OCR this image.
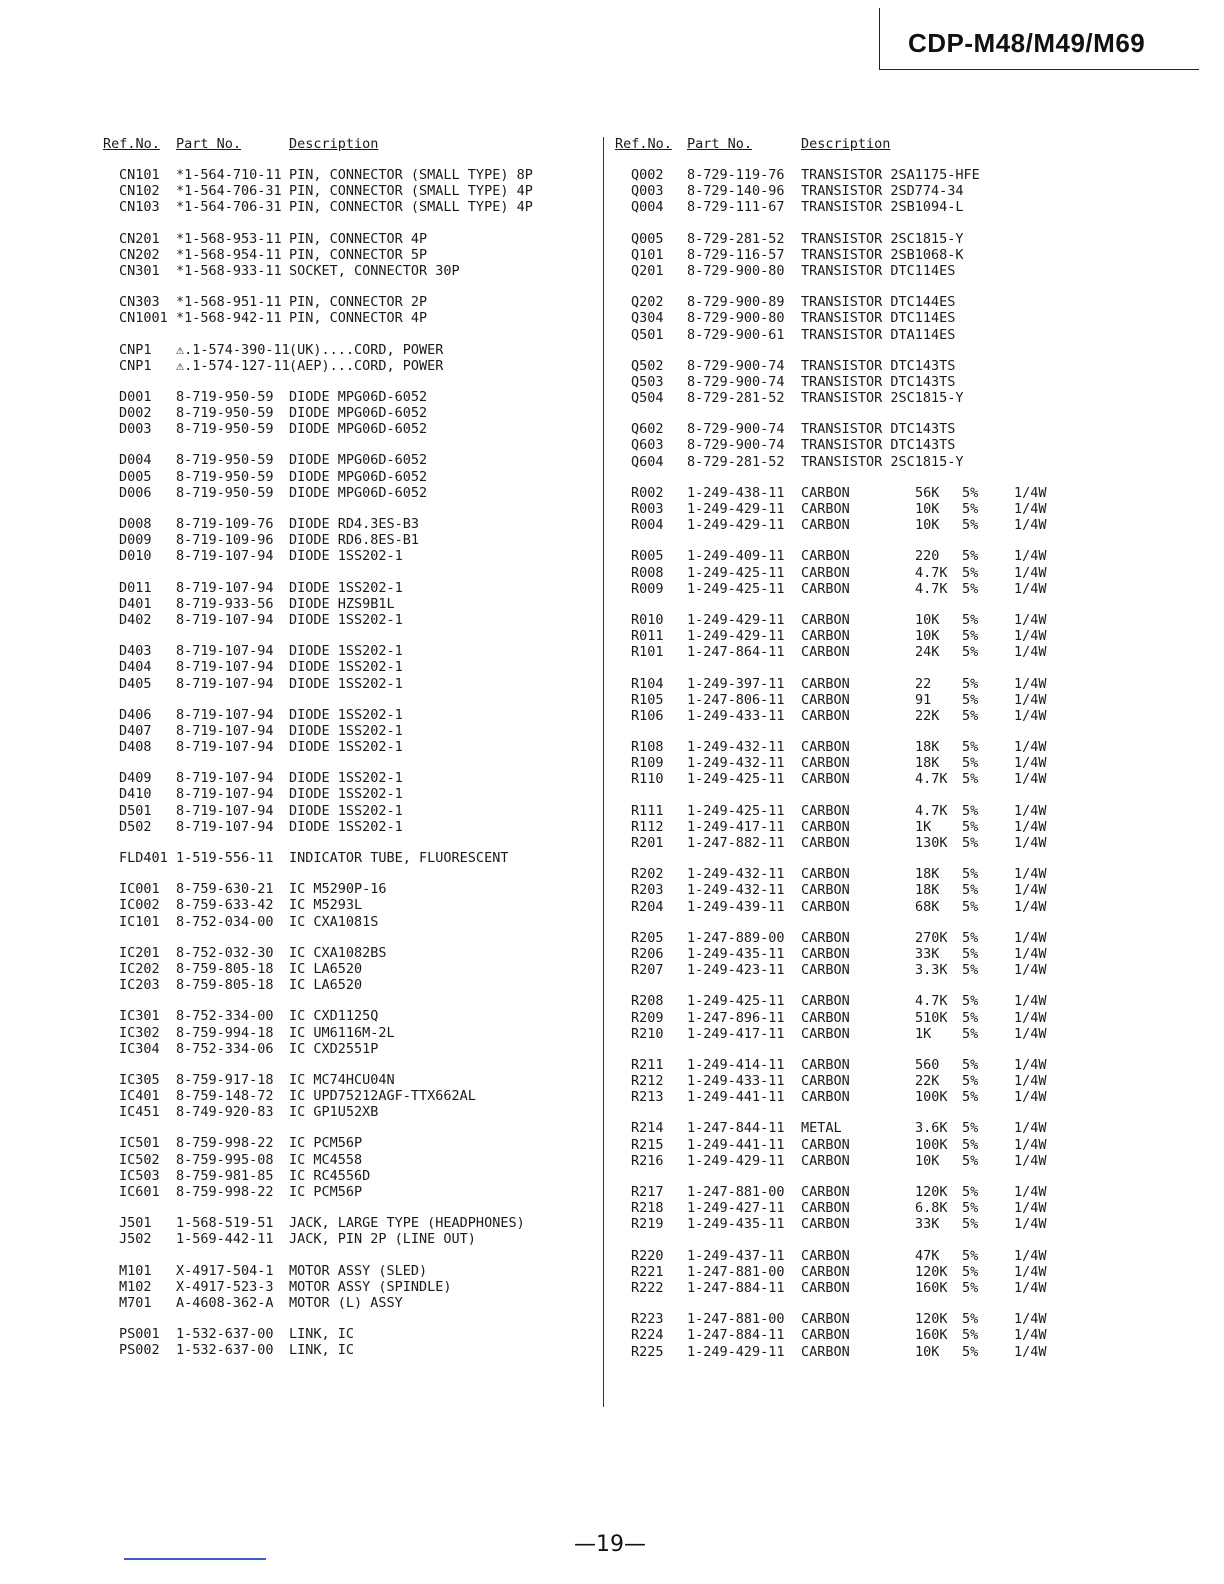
CDP-M48/M49/M69
Ref.No. Part No.	Description	Ref.No. Part No.	Description
CN101 *1-564-710-11 PIN, CONNECTOR (SMALL TYPE) 8P
CN102 *1-564-706-31 PIN, CONNECTOR (SMALL TYPE) 4P
CN103 *1-564-706-31 PIN, CONNECTOR (SMALL TYPE) 4P
CN201 *1-568-953-11 PIN, CONNECTOR 4P
CN202 *1-568-954-11 PIN, CONNECTOR 5P
CN301 *1-568-933-11 SOCKET, CONNECTOR 30P
CN303 *1-568-951-11 PIN, CONNECTOR 2P
CN1001 *1-568-942-11 PIN, CONNECTOR 4P
CNP1 ⚠.1-574-390-11 (UK)....CORD, POWER
CNP1 ⚠.1-574-127-11 (AEP)...CORD, POWER
D001 8-719-950-59 DIODE MPG06D-6052
D002 8-719-950-59 DIODE MPG06D-6052
D003 8-719-950-59 DIODE MPG06D-6052
D004 8-719-950-59 DIODE MPG06D-6052
D005 8-719-950-59 DIODE MPG06D-6052
D006 8-719-950-59 DIODE MPG06D-6052
D008 8-719-109-76 DIODE RD4.3ES-B3
D009 8-719-109-96 DIODE RD6.8ES-B1
D010 8-719-107-94 DIODE 1SS202-1
D011 8-719-107-94 DIODE 1SS202-1
D401 8-719-933-56 DIODE HZS9B1L
D402 8-719-107-94 DIODE 1SS202-1
D403 8-719-107-94 DIODE 1SS202-1
D404 8-719-107-94 DIODE 1SS202-1
D405 8-719-107-94 DIODE 1SS202-1
D406 8-719-107-94 DIODE 1SS202-1
D407 8-719-107-94 DIODE 1SS202-1
D408 8-719-107-94 DIODE 1SS202-1
D409 8-719-107-94 DIODE 1SS202-1
D410 8-719-107-94 DIODE 1SS202-1
D501 8-719-107-94 DIODE 1SS202-1
D502 8-719-107-94 DIODE 1SS202-1
FLD401 1-519-556-11 INDICATOR TUBE, FLUORESCENT
IC001 8-759-630-21 IC M5290P-16
IC002 8-759-633-42 IC M5293L
IC101 8-752-034-00 IC CXA1081S
IC201 8-752-032-30 IC CXA1082BS
IC202 8-759-805-18 IC LA6520
IC203 8-759-805-18 IC LA6520
IC301 8-752-334-00 IC CXD1125Q
IC302 8-759-994-18 IC UM6116M-2L
IC304 8-752-334-06 IC CXD2551P
IC305 8-759-917-18 IC MC74HCU04N
IC401 8-759-148-72 IC UPD75212AGF-TTX662AL
IC451 8-749-920-83 IC GP1U52XB
IC501 8-759-998-22 IC PCM56P
IC502 8-759-995-08 IC MC4558
IC503 8-759-981-85 IC RC4556D
IC601 8-759-998-22 IC PCM56P
J501 1-568-519-51 JACK, LARGE TYPE (HEADPHONES)
J502 1-569-442-11 JACK, PIN 2P (LINE OUT)
M101 X-4917-504-1 MOTOR ASSY (SLED)
M102 X-4917-523-3 MOTOR ASSY (SPINDLE)
M701 A-4608-362-A MOTOR (L) ASSY
PS001 1-532-637-00 LINK, IC
PS002 1-532-637-00 LINK, IC
Q002 8-729-119-76 TRANSISTOR 2SA1175-HFE
Q003 8-729-140-96 TRANSISTOR 2SD774-34
Q004 8-729-111-67 TRANSISTOR 2SB1094-L
Q005 8-729-281-52 TRANSISTOR 2SC1815-Y
Q101 8-729-116-57 TRANSISTOR 2SB1068-K
Q201 8-729-900-80 TRANSISTOR DTC114ES
Q202 8-729-900-89 TRANSISTOR DTC144ES
Q304 8-729-900-80 TRANSISTOR DTC114ES
Q501 8-729-900-61 TRANSISTOR DTA114ES
Q502 8-729-900-74 TRANSISTOR DTC143TS
Q503 8-729-900-74 TRANSISTOR DTC143TS
Q504 8-729-281-52 TRANSISTOR 2SC1815-Y
Q602 8-729-900-74 TRANSISTOR DTC143TS
Q603 8-729-900-74 TRANSISTOR DTC143TS
Q604 8-729-281-52 TRANSISTOR 2SC1815-Y
R002 1-249-438-11 CARBON	56K 5%	1/4W
R003 1-249-429-11 CARBON	10K 5%	1/4W
R004 1-249-429-11 CARBON	10K 5%	1/4W
R005 1-249-409-11 CARBON	220 5%	1/4W
R008 1-249-425-11 CARBON	4.7K 5%	1/4W
R009 1-249-425-11 CARBON	4.7K 5%	1/4W
R010 1-249-429-11 CARBON	10K 5%	1/4W
R011 1-249-429-11 CARBON	10K 5%	1/4W
R101 1-247-864-11 CARBON	24K 5%	1/4W
R104 1-249-397-11 CARBON	22 5%	1/4W
R105 1-247-806-11 CARBON	91 5%	1/4W
R106 1-249-433-11 CARBON	22K 5%	1/4W
R108 1-249-432-11 CARBON	18K 5%	1/4W
R109 1-249-432-11 CARBON	18K 5%	1/4W
R110 1-249-425-11 CARBON	4.7K 5%	1/4W
R111 1-249-425-11 CARBON	4.7K 5%	1/4W
R112 1-249-417-11 CARBON	1K 5%	1/4W
R201 1-247-882-11 CARBON	130K 5%	1/4W
R202 1-249-432-11 CARBON	18K 5%	1/4W
R203 1-249-432-11 CARBON	18K 5%	1/4W
R204 1-249-439-11 CARBON	68K 5%	1/4W
R205 1-247-889-00 CARBON	270K 5%	1/4W
R206 1-249-435-11 CARBON	33K 5%	1/4W
R207 1-249-423-11 CARBON	3.3K 5%	1/4W
R208 1-249-425-11 CARBON	4.7K 5%	1/4W
R209 1-247-896-11 CARBON	510K 5%	1/4W
R210 1-249-417-11 CARBON	1K 5%	1/4W
R211 1-249-414-11 CARBON	560 5%	1/4W
R212 1-249-433-11 CARBON	22K 5%	1/4W
R213 1-249-441-11 CARBON	100K 5%	1/4W
R214 1-247-844-11 METAL	3.6K 5%	1/4W
R215 1-249-441-11 CARBON	100K 5%	1/4W
R216 1-249-429-11 CARBON	10K 5%	1/4W
R217 1-247-881-00 CARBON	120K 5%	1/4W
R218 1-249-427-11 CARBON	6.8K 5%	1/4W
R219 1-249-435-11 CARBON	33K 5%	1/4W
R220 1-249-437-11 CARBON	47K 5%	1/4W
R221 1-247-881-00 CARBON	120K 5%	1/4W
R222 1-247-884-11 CARBON	160K 5%	1/4W
R223 1-247-881-00 CARBON	120K 5%	1/4W
R224 1-247-884-11 CARBON	160K 5%	1/4W
R225 1-249-429-11 CARBON	10K 5%	1/4W
—19—
